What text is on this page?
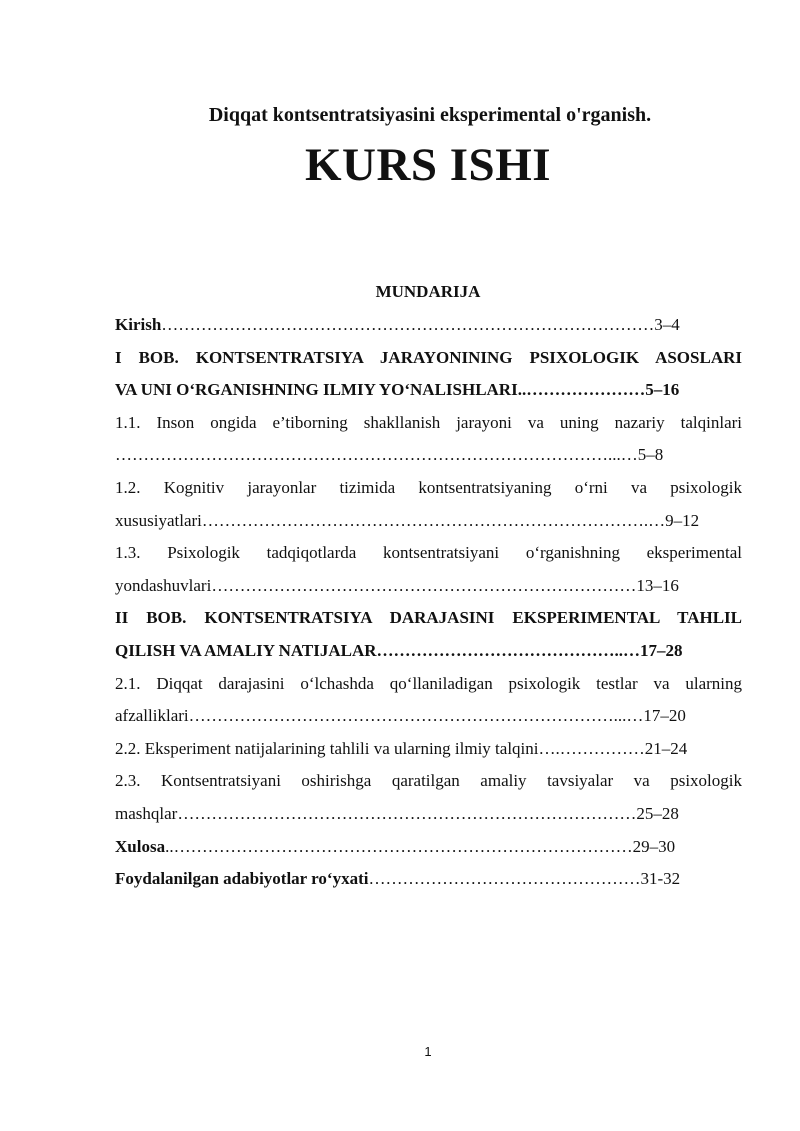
Diqqat kontsentratsiyasini eksperimental o'rganish.
KURS ISHI
MUNDARIJA
Kirish……………………………………………………………………………3–4
I BOB. KONTSENTRATSIYA JARAYONINING PSIXOLOGIK ASOSLARI
VA UNI O‘RGANISHNING ILMIY YO‘NALISHLARI..…………………5–16
1.1. Inson ongida e’tiborning shakllanish jarayoni va uning nazariy talqinlari
……………………………………………………………………………...…5–8
1.2. Kognitiv jarayonlar tizimida kontsentratsiyaning o‘rni va psixologik
xususiyatlari…………………………………………………………………….…9–12
1.3. Psixologik tadqiqotlarda kontsentratsiyani o‘rganishning eksperimental
yondashuvlari…………………………………………………………………13–16
II BOB. KONTSENTRATSIYA DARAJASINI EKSPERIMENTAL TAHLIL
QILISH VA AMALIY NATIJALAR……………………………………..…17–28
2.1. Diqqat darajasini o‘lchashda qo‘llaniladigan psixologik testlar va ularning
afzalliklari…………………………………………………………………...…17–20
2.2. Eksperiment natijalarining tahlili va ularning ilmiy talqini….……………21–24
2.3. Kontsentratsiyani oshirishga qaratilgan amaliy tavsiyalar va psixologik
mashqlar………………………………………………………………………25–28
Xulosa..………………………………………………………………………29–30
Foydalanilgan adabiyotlar ro‘yxati…………………………………………31-32
1
